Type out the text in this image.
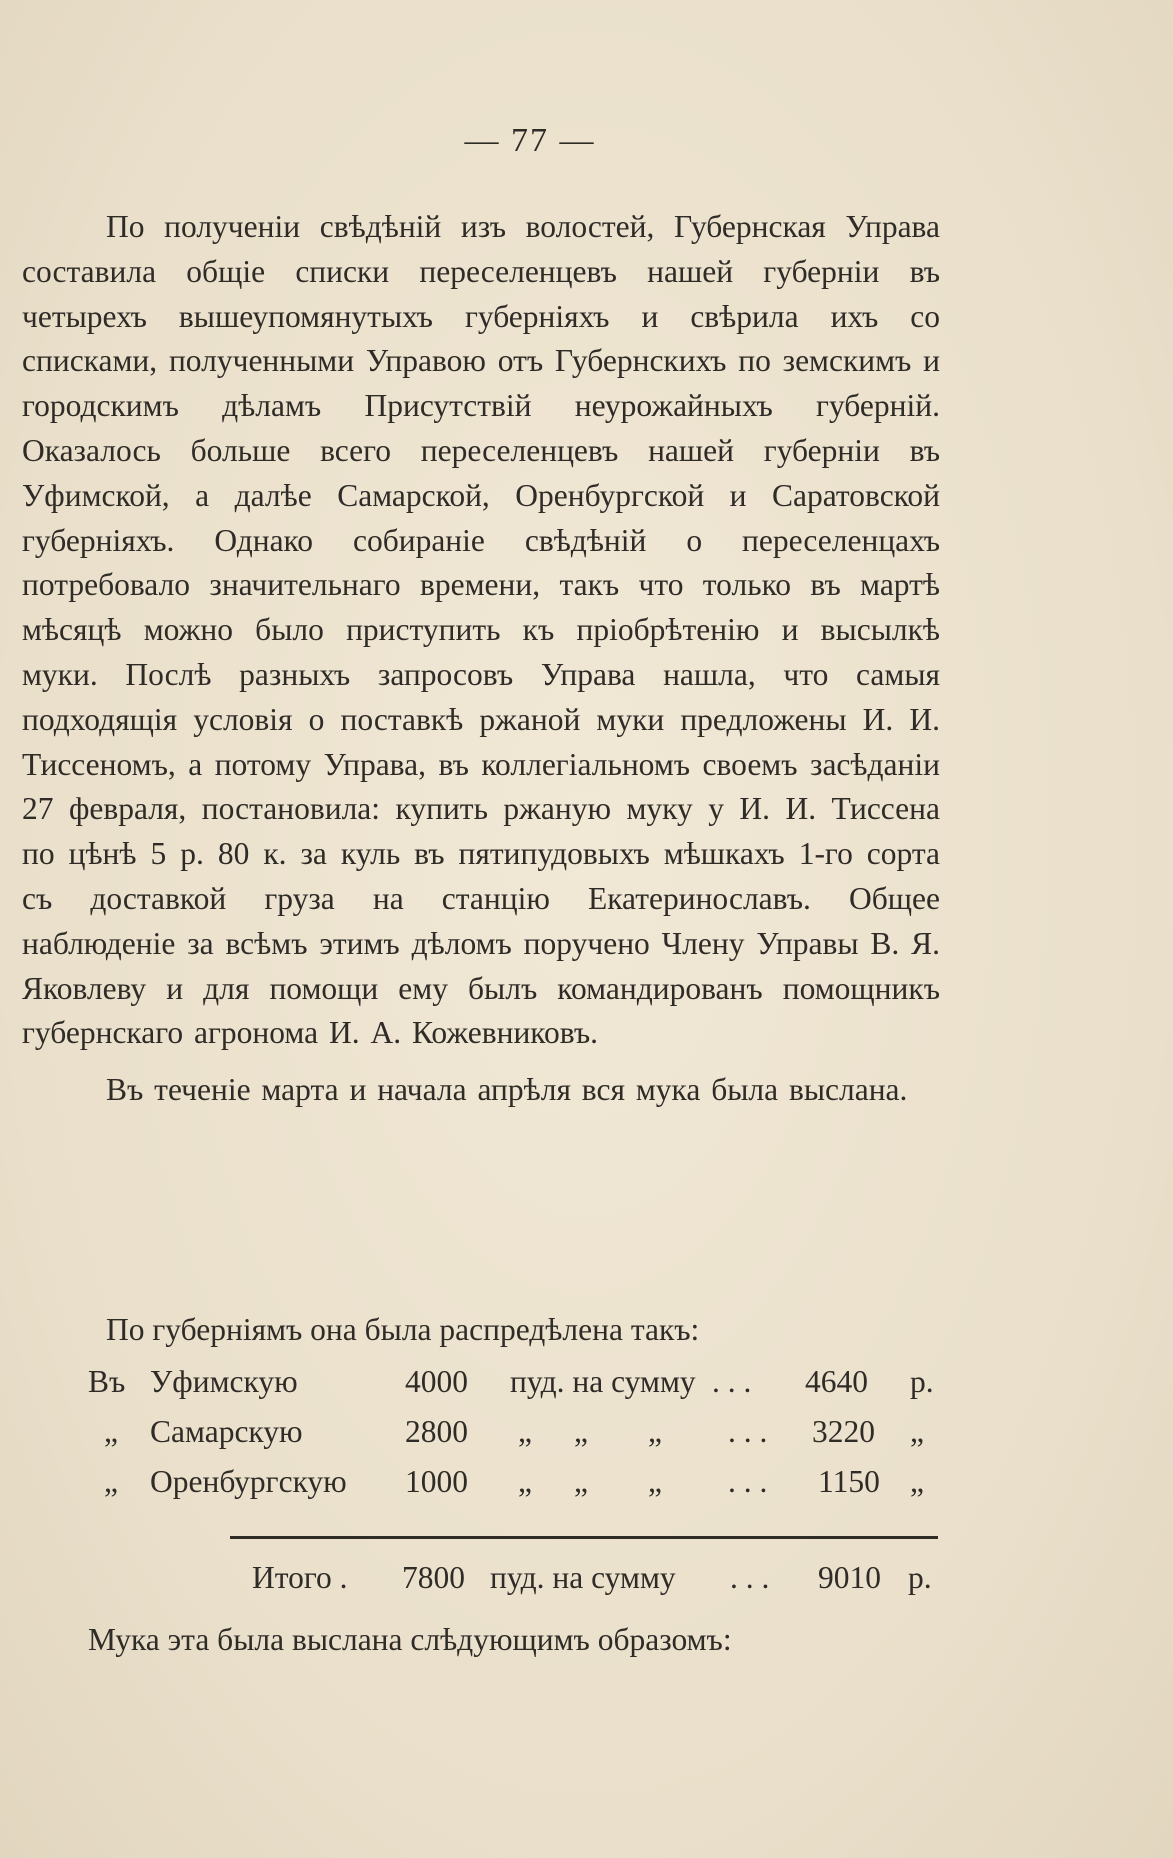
— 77 —

По полученіи свѣдѣній изъ волостей, Губернская Управа составила общіе списки переселенцевъ нашей губерніи въ четырехъ вышеупомянутыхъ губерніяхъ и свѣрила ихъ со списками, полученными Управою отъ Губернскихъ по земскимъ и городскимъ дѣламъ Присутствій неурожайныхъ губерній. Оказалось больше всего переселенцевъ нашей губерніи въ Уфимской, а далѣе Самарской, Оренбургской и Саратовской губерніяхъ. Однако собираніе свѣдѣній о переселенцахъ потребовало значительнаго времени, такъ что только въ мартѣ мѣсяцѣ можно было приступить къ пріобрѣтенію и высылкѣ муки. Послѣ разныхъ запросовъ Управа нашла, что самыя подходящія условія о поставкѣ ржаной муки предложены И. И. Тиссеномъ, а потому Управа, въ коллегіальномъ своемъ засѣданіи 27 февраля, постановила: купить ржаную муку у И. И. Тиссена по цѣнѣ 5 р. 80 к. за куль въ пятипудовыхъ мѣшкахъ 1-го сорта съ доставкой груза на станцію Екатеринославъ. Общее наблюденіе за всѣмъ этимъ дѣломъ поручено Члену Управы В. Я. Яковлеву и для помощи ему былъ командированъ помощникъ губернскаго агронома И. А. Кожевниковъ.

Въ теченіе марта и начала апрѣля вся мука была выслана.

По губерніямъ она была распредѣлена такъ:
Въ Уфимскую	4000 пуд. на сумму . . . 4640 р.
„ Самарскую	2800 „ „ „ . . . 3220 „
„ Оренбургскую 1000 „ „ „ . . . 1150 „
Итого . 7800 пуд. на сумму . . . 9010 р.
Мука эта была выслана слѣдующимъ образомъ:
